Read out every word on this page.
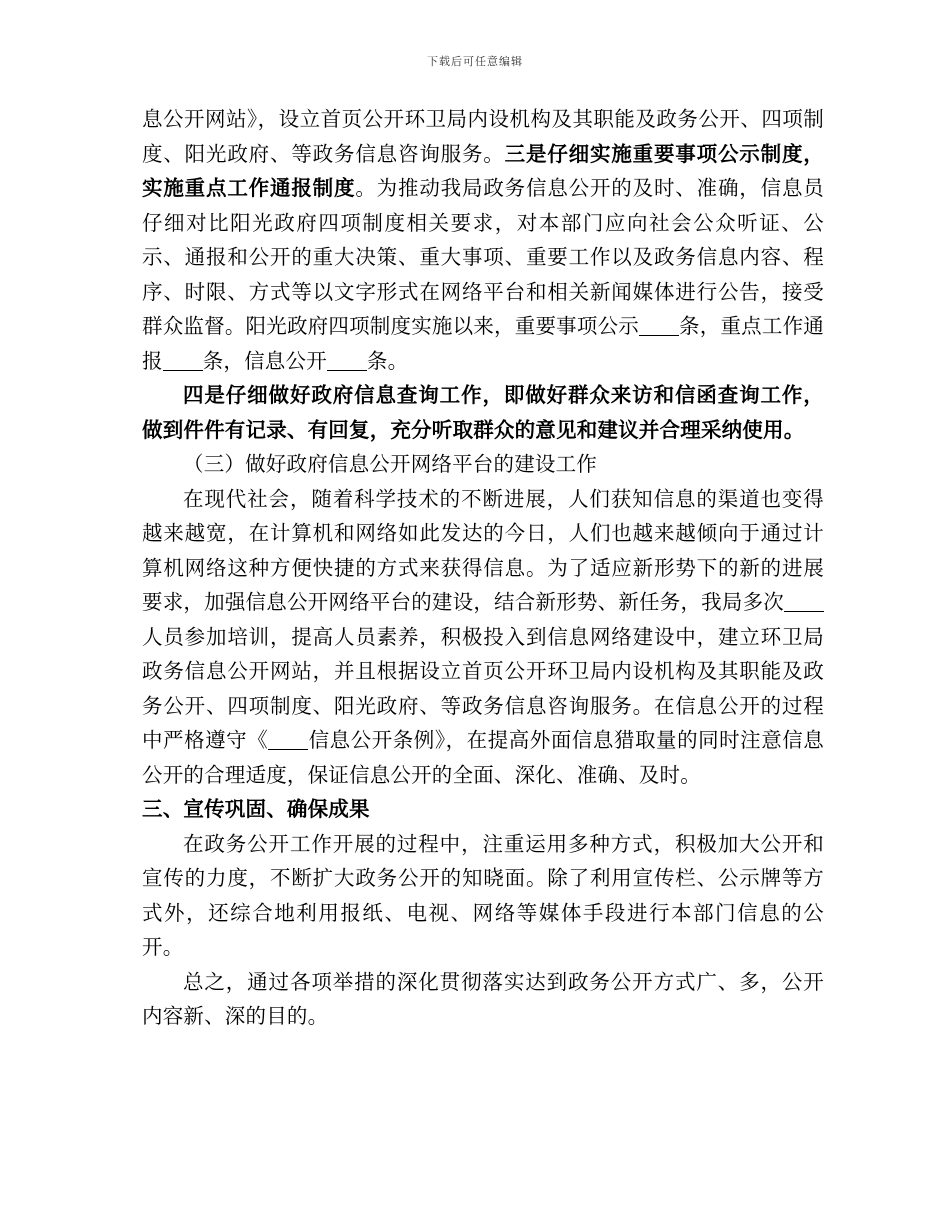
下载后可任意编辑

息公开网站》，设立首页公开环卫局内设机构及其职能及政务公开、四项制度、阳光政府、等政务信息咨询服务。三是仔细实施重要事项公示制度，实施重点工作通报制度。为推动我局政务信息公开的及时、准确，信息员仔细对比阳光政府四项制度相关要求，对本部门应向社会公众听证、公示、通报和公开的重大决策、重大事项、重要工作以及政务信息内容、程序、时限、方式等以文字形式在网络平台和相关新闻媒体进行公告，接受群众监督。阳光政府四项制度实施以来，重要事项公示 条，重点工作通报 条，信息公开 条。

四是仔细做好政府信息查询工作，即做好群众来访和信函查询工作，做到件件有记录、有回复，充分听取群众的意见和建议并合理采纳使用。

（三）做好政府信息公开网络平台的建设工作

在现代社会，随着科学技术的不断进展，人们获知信息的渠道也变得越来越宽，在计算机和网络如此发达的今日，人们也越来越倾向于通过计算机网络这种方便快捷的方式来获得信息。为了适应新形势下的新的进展要求，加强信息公开网络平台的建设，结合新形势、新任务，我局多次人员参加培训，提高人员素养，积极投入到信息网络建设中，建立环卫局政务信息公开网站，并且根据设立首页公开环卫局内设机构及其职能及政务公开、四项制度、阳光政府、等政务信息咨询服务。在信息公开的过程中严格遵守《 信息公开条例》，在提高外面信息猎取量的同时注意信息公开的合理适度，保证信息公开的全面、深化、准确、及时。

三、宣传巩固、确保成果

在政务公开工作开展的过程中，注重运用多种方式，积极加大公开和宣传的力度，不断扩大政务公开的知晓面。除了利用宣传栏、公示牌等方式外，还综合地利用报纸、电视、网络等媒体手段进行本部门信息的公开。

总之，通过各项举措的深化贯彻落实达到政务公开方式广、多，公开内容新、深的目的。
